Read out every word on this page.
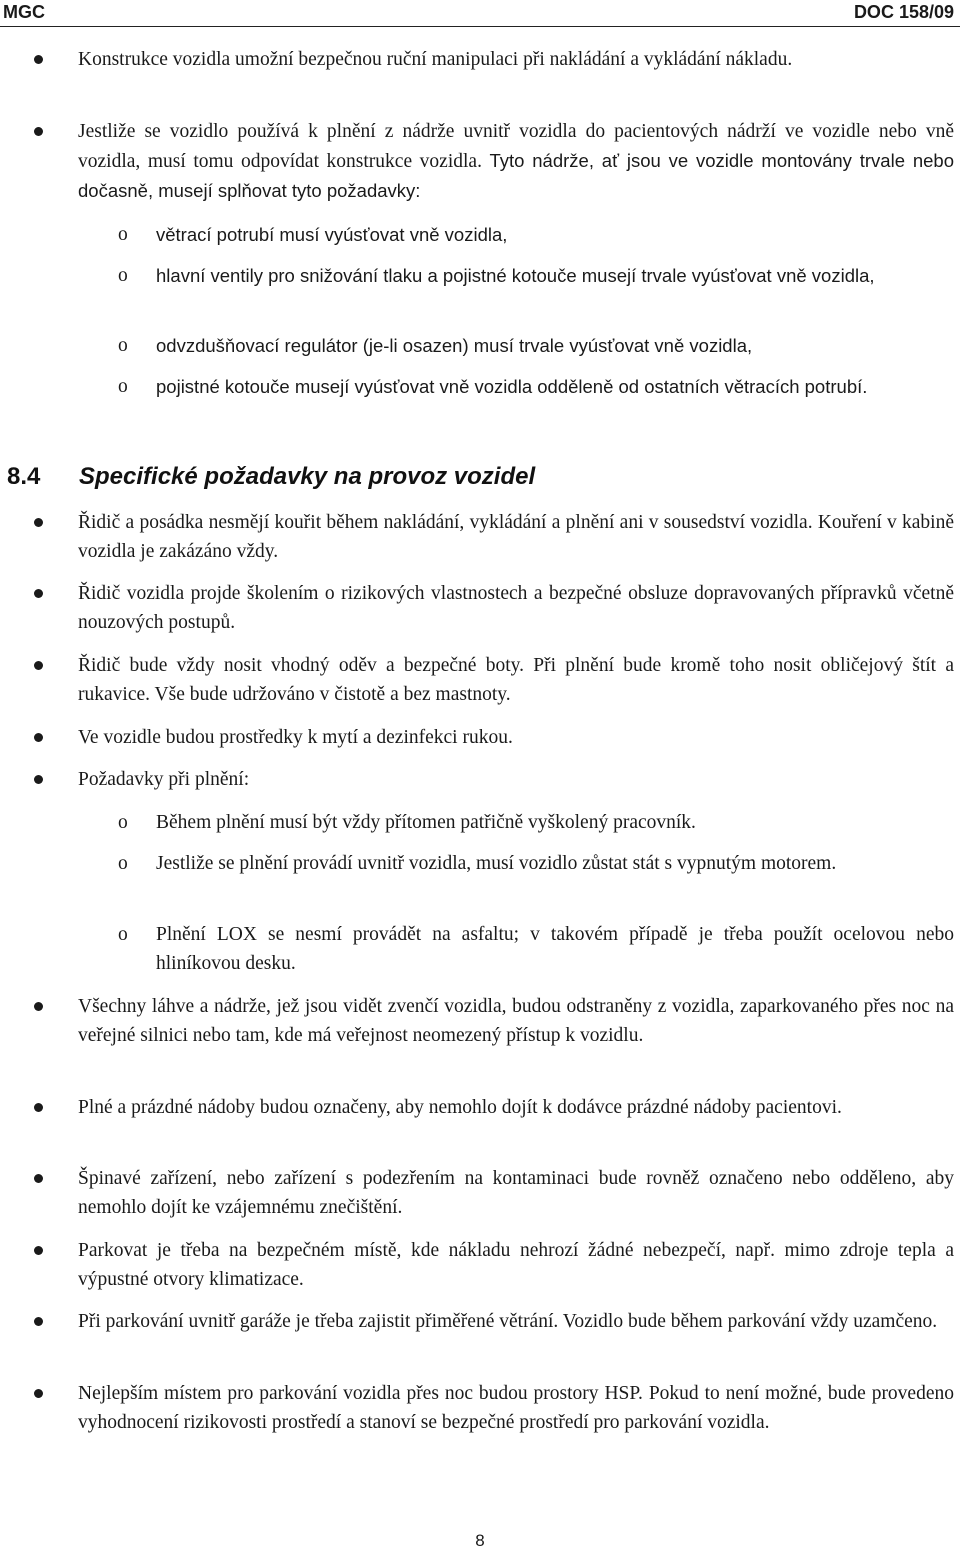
MGC	DOC 158/09
Konstrukce vozidla umožní bezpečnou ruční manipulaci při nakládání a vykládání nákladu.
Jestliže se vozidlo používá k plnění z nádrže uvnitř vozidla do pacientových nádrží ve vozidle nebo vně vozidla, musí tomu odpovídat konstrukce vozidla. Tyto nádrže, ať jsou ve vozidle montovány trvale nebo dočasně, musejí splňovat tyto požadavky:
o větrací potrubí musí vyúsťovat vně vozidla,
o hlavní ventily pro snižování tlaku a pojistné kotouče musejí trvale vyúsťovat vně vozidla,
o odvzdušňovací regulátor (je-li osazen) musí trvale vyúsťovat vně vozidla,
o pojistné kotouče musejí vyúsťovat vně vozidla odděleně od ostatních větracích potrubí.
8.4 Specifické požadavky na provoz vozidel
Řidič a posádka nesmějí kouřit během nakládání, vykládání a plnění ani v sousedství vozidla. Kouření v kabině vozidla je zakázáno vždy.
Řidič vozidla projde školením o rizikových vlastnostech a bezpečné obsluze dopravovaných přípravků včetně nouzových postupů.
Řidič bude vždy nosit vhodný oděv a bezpečné boty. Při plnění bude kromě toho nosit obličejový štít a rukavice. Vše bude udržováno v čistotě a bez mastnoty.
Ve vozidle budou prostředky k mytí a dezinfekci rukou.
Požadavky při plnění:
o Během plnění musí být vždy přítomen patřičně vyškolený pracovník.
o Jestliže se plnění provádí uvnitř vozidla, musí vozidlo zůstat stát s vypnutým motorem.
o Plnění LOX se nesmí provádět na asfaltu; v takovém případě je třeba použít ocelovou nebo hliníkovou desku.
Všechny láhve a nádrže, jež jsou vidět zvenčí vozidla, budou odstraněny z vozidla, zaparkovaného přes noc na veřejné silnici nebo tam, kde má veřejnost neomezený přístup k vozidlu.
Plné a prázdné nádoby budou označeny, aby nemohlo dojít k dodávce prázdné nádoby pacientovi.
Špinavé zařízení, nebo zařízení s podezřením na kontaminaci bude rovněž označeno nebo odděleno, aby nemohlo dojít ke vzájemnému znečištění.
Parkovat je třeba na bezpečném místě, kde nákladu nehrozí žádné nebezpečí, např. mimo zdroje tepla a výpustné otvory klimatizace.
Při parkování uvnitř garáže je třeba zajistit přiměřené větrání. Vozidlo bude během parkování vždy uzamčeno.
Nejlepším místem pro parkování vozidla přes noc budou prostory HSP. Pokud to není možné, bude provedeno vyhodnocení rizikovosti prostředí a stanoví se bezpečné prostředí pro parkování vozidla.
8
